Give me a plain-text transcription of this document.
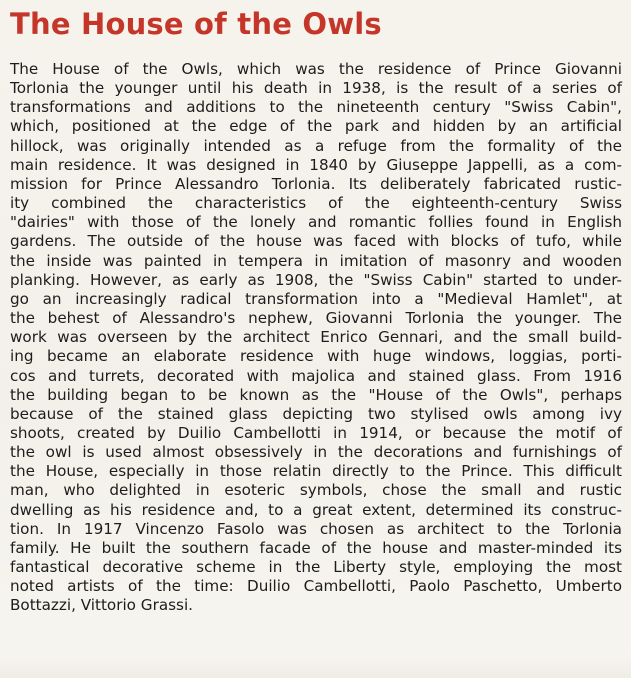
The House of the Owls
The House of the Owls, which was the residence of Prince Giovanni
Torlonia the younger until his death in 1938, is the result of a series of
transformations and additions to the nineteenth century "Swiss Cabin",
which, positioned at the edge of the park and hidden by an artificial
hillock, was originally intended as a refuge from the formality of the
main residence. It was designed in 1840 by Giuseppe Jappelli, as a com-
mission for Prince Alessandro Torlonia. Its deliberately fabricated rustic-
ity combined the characteristics of the eighteenth-century Swiss
"dairies" with those of the lonely and romantic follies found in English
gardens. The outside of the house was faced with blocks of tufo, while
the inside was painted in tempera in imitation of masonry and wooden
planking. However, as early as 1908, the "Swiss Cabin" started to under-
go an increasingly radical transformation into a "Medieval Hamlet", at
the behest of Alessandro's nephew, Giovanni Torlonia the younger. The
work was overseen by the architect Enrico Gennari, and the small build-
ing became an elaborate residence with huge windows, loggias, porti-
cos and turrets, decorated with majolica and stained glass. From 1916
the building began to be known as the "House of the Owls", perhaps
because of the stained glass depicting two stylised owls among ivy
shoots, created by Duilio Cambellotti in 1914, or because the motif of
the owl is used almost obsessively in the decorations and furnishings of
the House, especially in those relatin directly to the Prince. This difficult
man, who delighted in esoteric symbols, chose the small and rustic
dwelling as his residence and, to a great extent, determined its construc-
tion. In 1917 Vincenzo Fasolo was chosen as architect to the Torlonia
family. He built the southern facade of the house and master-minded its
fantastical decorative scheme in the Liberty style, employing the most
noted artists of the time: Duilio Cambellotti, Paolo Paschetto, Umberto
Bottazzi, Vittorio Grassi.
